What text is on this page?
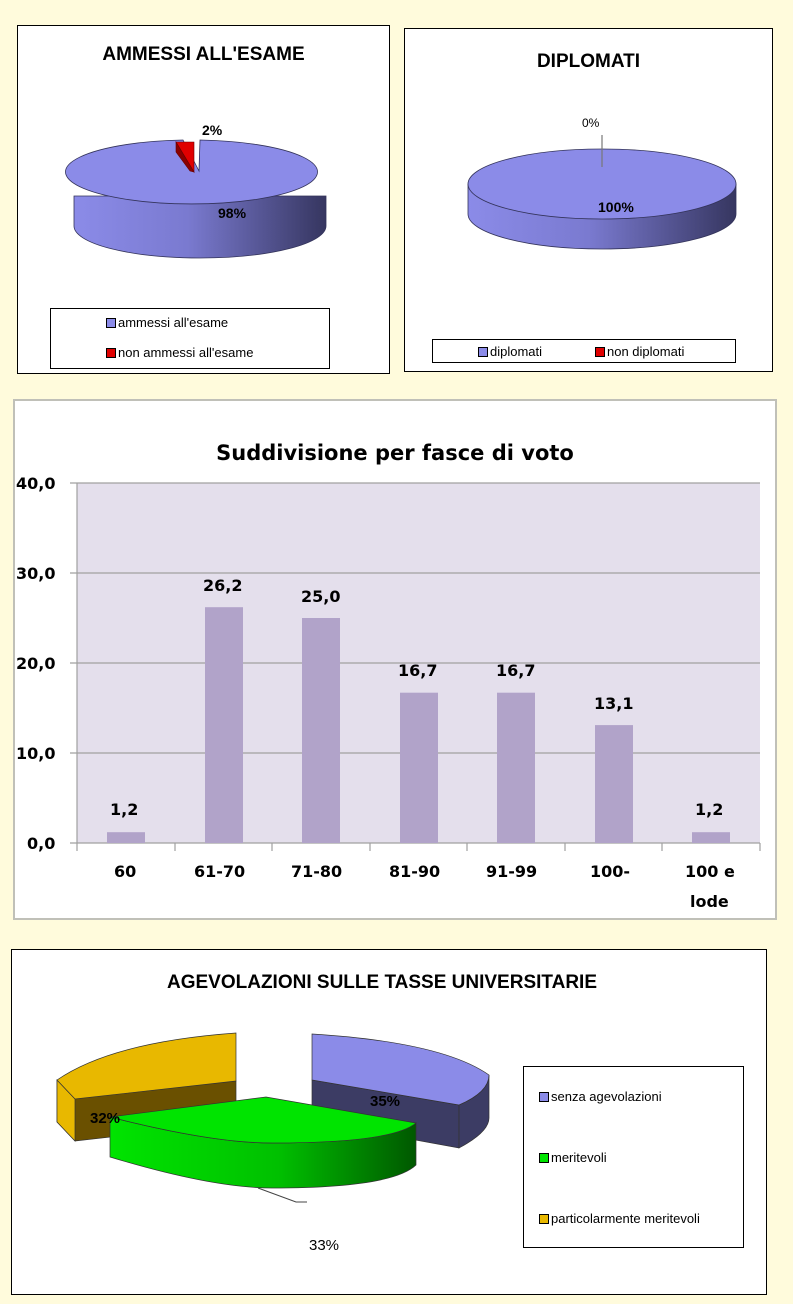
AMMESSI ALL'ESAME
2%
98%
ammessi all'esame
non ammessi all'esame
DIPLOMATI
0%
100%
diplomati	non diplomati
Suddivisione per fasce di voto
40,0
30,0
20,0
10,0
0,0
1,2
26,2
25,0
16,7	16,7
13,1
1,2
60	61-70	71-80	81-90	91-99	100-	100 e
lode
AGEVOLAZIONI SULLE TASSE UNIVERSITARIE
35%
33%
32%
senza agevolazioni
meritevoli
particolarmente meritevoli
